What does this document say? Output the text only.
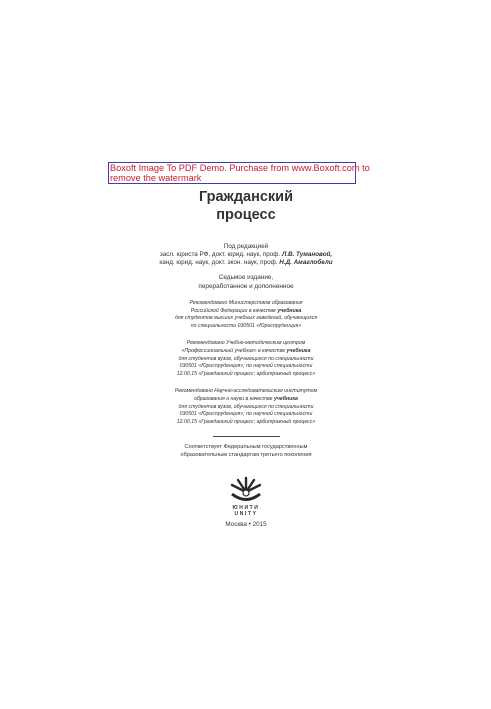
Boxoft Image To PDF Demo. Purchase from www.Boxoft.com to

remove the watermark
Гражданский
процесс
Под редакцией
засл. юриста РФ, докт. юрид. наук, проф. Л.В. Тумановой,
канд. юрид. наук, докт. экон. наук, проф. Н.Д. Амаглобели
Седьмое издание,
переработанное и дополненное
Рекомендовано Министерством образования
Российской Федерации в качестве учебника
для студентов высших учебных заведений, обучающихся
по специальности 030501 «Юриспруденция»
Рекомендовано Учебно-методическим центром
«Профессиональный учебник» в качестве учебника
для студентов вузов, обучающихся по специальности
030501 «Юриспруденция»; по научной специальности
12.00.15 «Гражданский процесс; арбитражный процесс»
Рекомендовано Научно-исследовательским институтом
образования и науки в качестве учебника
для студентов вузов, обучающихся по специальности
030501 «Юриспруденция»; по научной специальности
12.00.15 «Гражданский процесс; арбитражный процесс»
Соответствует Федеральным государственным
образовательным стандартам третьего поколения
ЮНИТИ
UNITY
Москва • 2015
